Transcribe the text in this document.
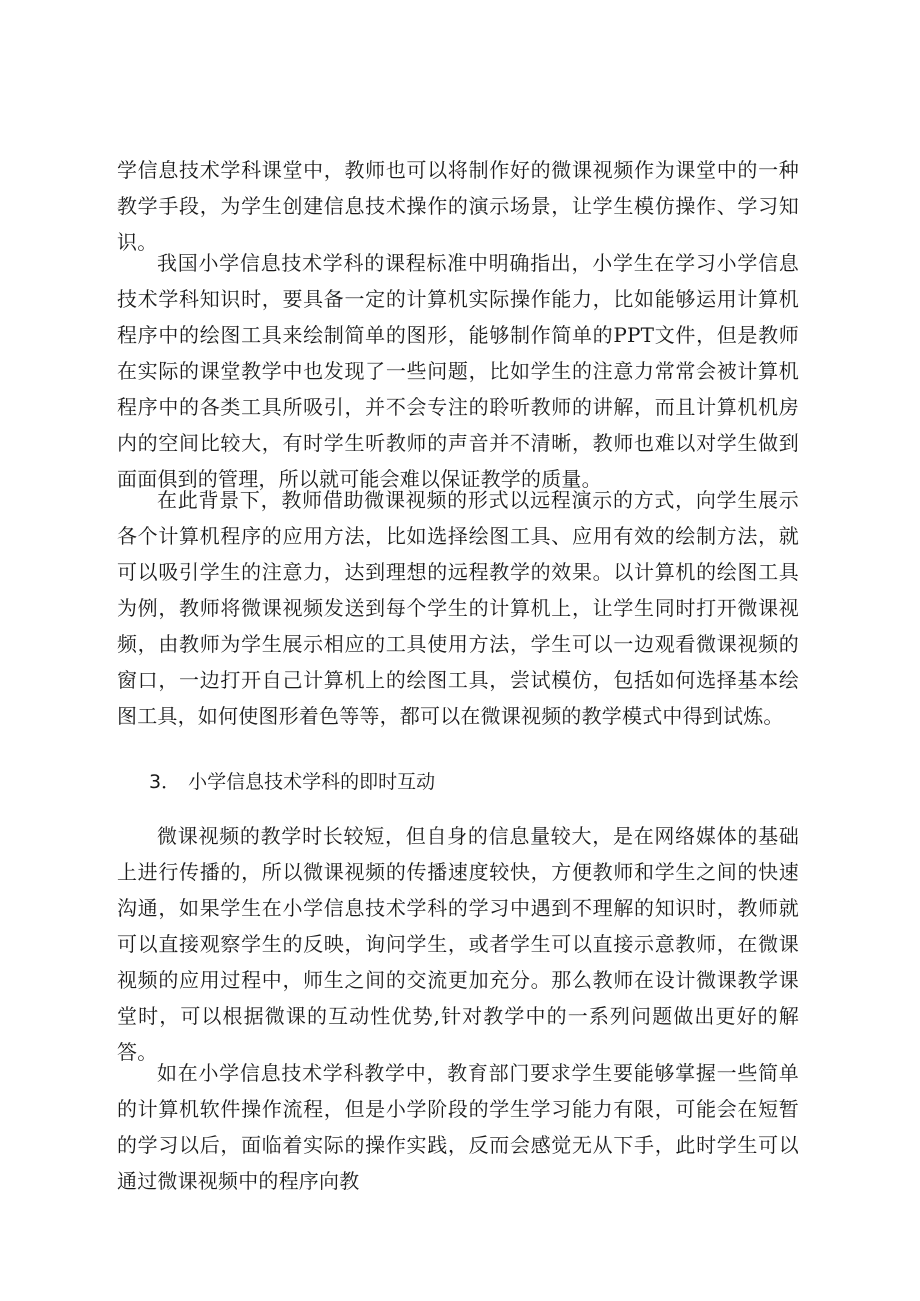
学信息技术学科课堂中，教师也可以将制作好的微课视频作为课堂中的一种教学手段，为学生创建信息技术操作的演示场景，让学生模仿操作、学习知识。

我国小学信息技术学科的课程标准中明确指出，小学生在学习小学信息技术学科知识时，要具备一定的计算机实际操作能力，比如能够运用计算机程序中的绘图工具来绘制简单的图形，能够制作简单的PPT文件，但是教师在实际的课堂教学中也发现了一些问题，比如学生的注意力常常会被计算机程序中的各类工具所吸引，并不会专注的聆听教师的讲解，而且计算机机房内的空间比较大，有时学生听教师的声音并不清晰，教师也难以对学生做到面面俱到的管理，所以就可能会难以保证教学的质量。

在此背景下，教师借助微课视频的形式以远程演示的方式，向学生展示各个计算机程序的应用方法，比如选择绘图工具、应用有效的绘制方法，就可以吸引学生的注意力，达到理想的远程教学的效果。以计算机的绘图工具为例，教师将微课视频发送到每个学生的计算机上，让学生同时打开微课视频，由教师为学生展示相应的工具使用方法，学生可以一边观看微课视频的窗口，一边打开自己计算机上的绘图工具，尝试模仿，包括如何选择基本绘图工具，如何使图形着色等等，都可以在微课视频的教学模式中得到试炼。

3． 小学信息技术学科的即时互动

微课视频的教学时长较短，但自身的信息量较大，是在网络媒体的基础上进行传播的，所以微课视频的传播速度较快，方便教师和学生之间的快速沟通，如果学生在小学信息技术学科的学习中遇到不理解的知识时，教师就可以直接观察学生的反映，询问学生，或者学生可以直接示意教师，在微课视频的应用过程中，师生之间的交流更加充分。那么教师在设计微课教学课堂时，可以根据微课的互动性优势,针对教学中的一系列问题做出更好的解答。

如在小学信息技术学科教学中，教育部门要求学生要能够掌握一些简单的计算机软件操作流程，但是小学阶段的学生学习能力有限，可能会在短暂的学习以后，面临着实际的操作实践，反而会感觉无从下手，此时学生可以通过微课视频中的程序向教
